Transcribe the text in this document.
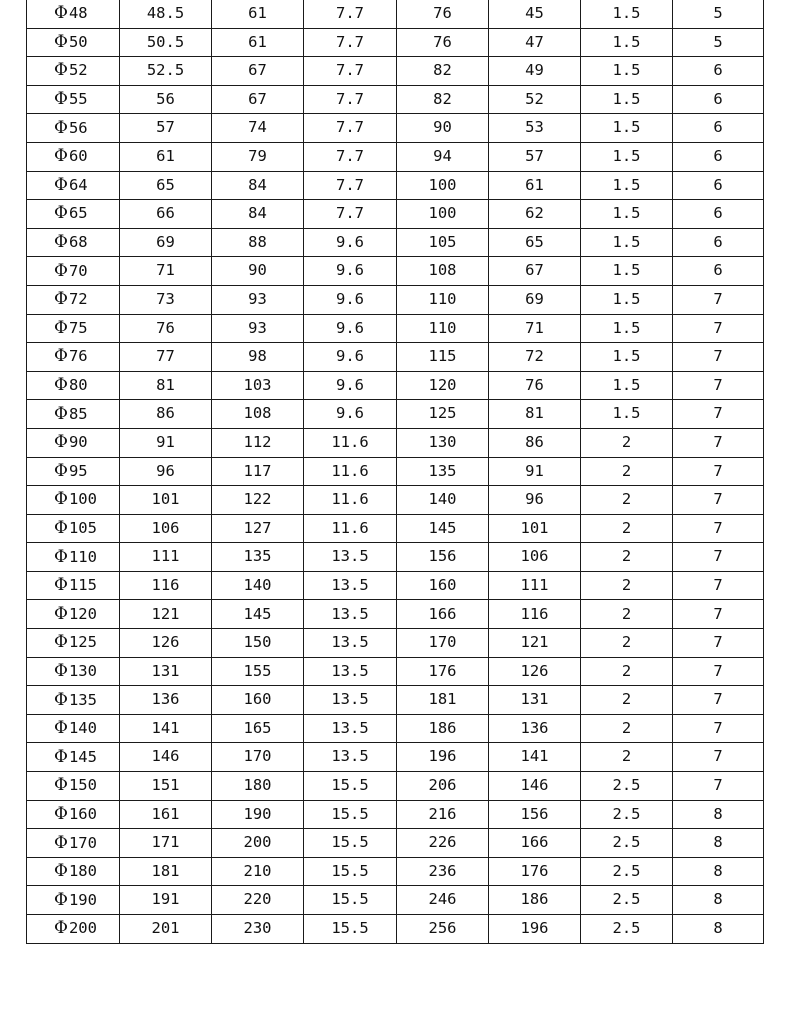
Φ48	48.5	61	7.7	76	45	1.5	5
Φ50	50.5	61	7.7	76	47	1.5	5
Φ52	52.5	67	7.7	82	49	1.5	6
Φ55	56	67	7.7	82	52	1.5	6
Φ56	57	74	7.7	90	53	1.5	6
Φ60	61	79	7.7	94	57	1.5	6
Φ64	65	84	7.7	100	61	1.5	6
Φ65	66	84	7.7	100	62	1.5	6
Φ68	69	88	9.6	105	65	1.5	6
Φ70	71	90	9.6	108	67	1.5	6
Φ72	73	93	9.6	110	69	1.5	7
Φ75	76	93	9.6	110	71	1.5	7
Φ76	77	98	9.6	115	72	1.5	7
Φ80	81	103	9.6	120	76	1.5	7
Φ85	86	108	9.6	125	81	1.5	7
Φ90	91	112	11.6	130	86	2	7
Φ95	96	117	11.6	135	91	2	7
Φ100	101	122	11.6	140	96	2	7
Φ105	106	127	11.6	145	101	2	7
Φ110	111	135	13.5	156	106	2	7
Φ115	116	140	13.5	160	111	2	7
Φ120	121	145	13.5	166	116	2	7
Φ125	126	150	13.5	170	121	2	7
Φ130	131	155	13.5	176	126	2	7
Φ135	136	160	13.5	181	131	2	7
Φ140	141	165	13.5	186	136	2	7
Φ145	146	170	13.5	196	141	2	7
Φ150	151	180	15.5	206	146	2.5	7
Φ160	161	190	15.5	216	156	2.5	8
Φ170	171	200	15.5	226	166	2.5	8
Φ180	181	210	15.5	236	176	2.5	8
Φ190	191	220	15.5	246	186	2.5	8
Φ200	201	230	15.5	256	196	2.5	8
